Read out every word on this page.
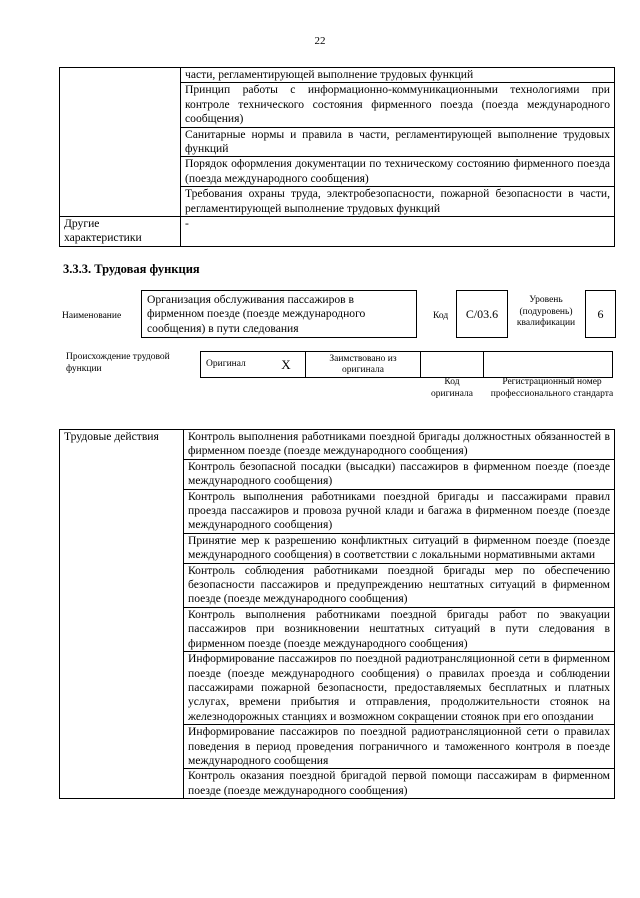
22
	части, регламентирующей выполнение трудовых функций
	Принцип работы с информационно-коммуникационными технологиями при контроле технического состояния фирменного поезда (поезда международного сообщения)
	Санитарные нормы и правила в части, регламентирующей выполнение трудовых функций
	Порядок оформления документации по техническому состоянию фирменного поезда (поезда международного сообщения)
	Требования охраны труда, электробезопасности, пожарной безопасности в части, регламентирующей выполнение трудовых функций
Другие характеристики	-
3.3.3. Трудовая функция
Наименование
Организация обслуживания пассажиров в фирменном поезде (поезде международного сообщения) в пути следования
Код	С/03.6
Уровень (подуровень) квалификации
6
Происхождение трудовой функции	Оригинал	X	Заимствовано из оригинала		
Код оригинала
Регистрационный номер профессионального стандарта
Трудовые действия	Контроль выполнения работниками поездной бригады должностных обязанностей в фирменном поезде (поезде международного сообщения)
Контроль безопасной посадки (высадки) пассажиров в фирменном поезде (поезде международного сообщения)
Контроль выполнения работниками поездной бригады и пассажирами правил проезда пассажиров и провоза ручной клади и багажа в фирменном поезде (поезде международного сообщения)
Принятие мер к разрешению конфликтных ситуаций в фирменном поезде (поезде международного сообщения) в соответствии с локальными нормативными актами
Контроль соблюдения работниками поездной бригады мер по обеспечению безопасности пассажиров и предупреждению нештатных ситуаций в фирменном поезде (поезде международного сообщения)
Контроль выполнения работниками поездной бригады работ по эвакуации пассажиров при возникновении нештатных ситуаций в пути следования в фирменном поезде (поезде международного сообщения)
Информирование пассажиров по поездной радиотрансляционной сети в фирменном поезде (поезде международного сообщения) о правилах проезда и соблюдении пассажирами пожарной безопасности, предоставляемых бесплатных и платных услугах, времени прибытия и отправления, продолжительности стоянок на железнодорожных станциях и возможном сокращении стоянок при его опоздании
Информирование пассажиров по поездной радиотрансляционной сети о правилах поведения в период проведения пограничного и таможенного контроля в поезде международного сообщения
Контроль оказания поездной бригадой первой помощи пассажирам в фирменном поезде (поезде международного сообщения)
